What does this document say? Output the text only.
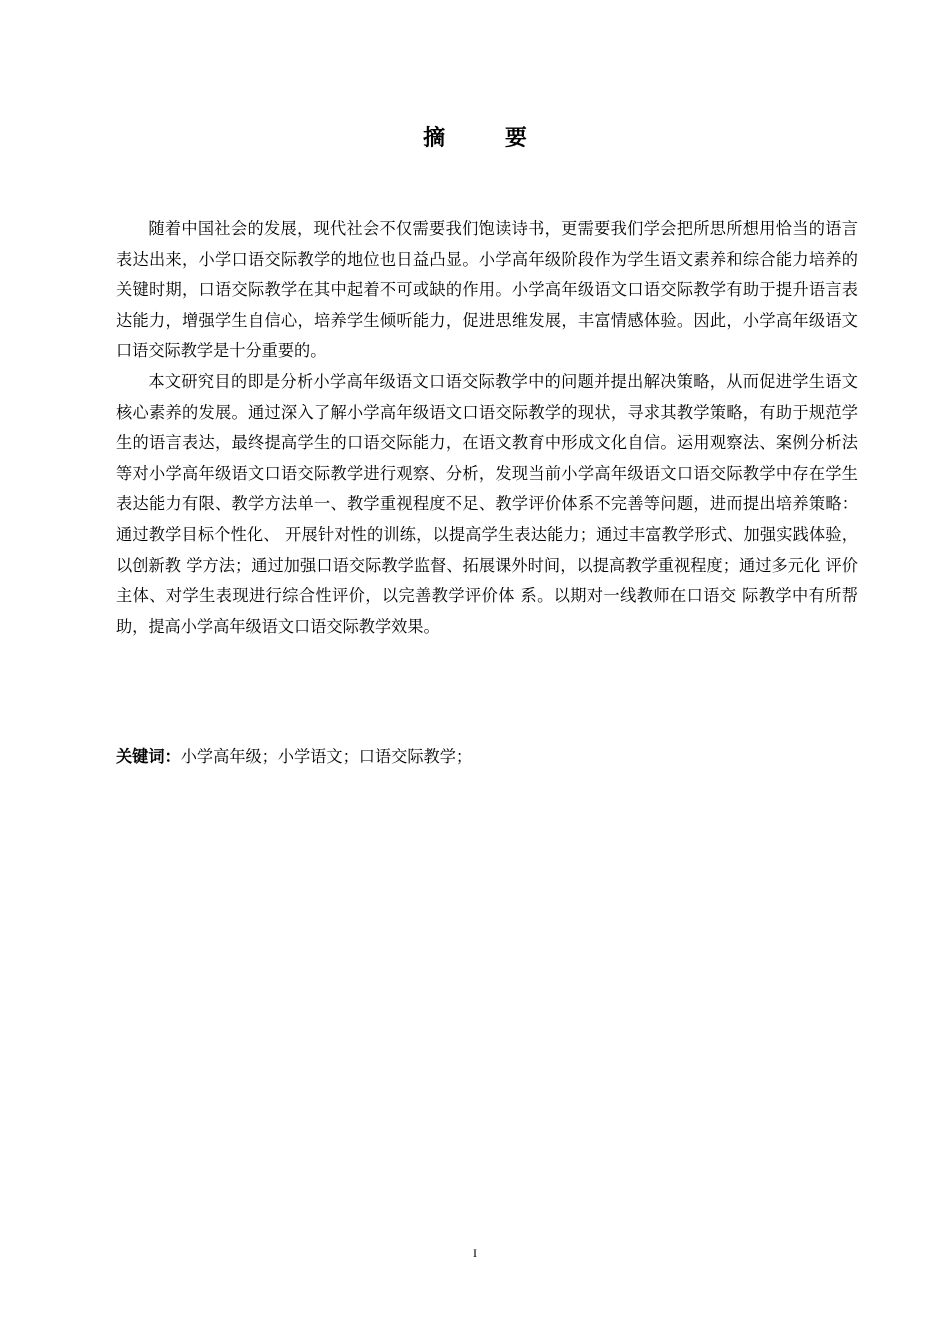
摘 要

随着中国社会的发展，现代社会不仅需要我们饱读诗书，更需要我们学会把所思所想用恰当的语言表达出来，小学口语交际教学的地位也日益凸显。小学高年级阶段作为学生语文素养和综合能力培养的关键时期，口语交际教学在其中起着不可或缺的作用。小学高年级语文口语交际教学有助于提升语言表达能力，增强学生自信心，培养学生倾听能力，促进思维发展，丰富情感体验。因此，小学高年级语文口语交际教学是十分重要的。

本文研究目的即是分析小学高年级语文口语交际教学中的问题并提出解决策略，从而促进学生语文核心素养的发展。通过深入了解小学高年级语文口语交际教学的现状，寻求其教学策略，有助于规范学生的语言表达，最终提高学生的口语交际能力，在语文教育中形成文化自信。运用观察法、案例分析法等对小学高年级语文口语交际教学进行观察、分析，发现当前小学高年级语文口语交际教学中存在学生表达能力有限、教学方法单一、教学重视程度不足、教学评价体系不完善等问题，进而提出培养策略：通过教学目标个性化、 开展针对性的训练，以提高学生表达能力；通过丰富教学形式、加强实践体验，以创新教 学方法；通过加强口语交际教学监督、拓展课外时间，以提高教学重视程度；通过多元化 评价主体、对学生表现进行综合性评价，以完善教学评价体 系。以期对一线教师在口语交 际教学中有所帮助，提高小学高年级语文口语交际教学效果。

关键词：小学高年级；小学语文；口语交际教学；
I
